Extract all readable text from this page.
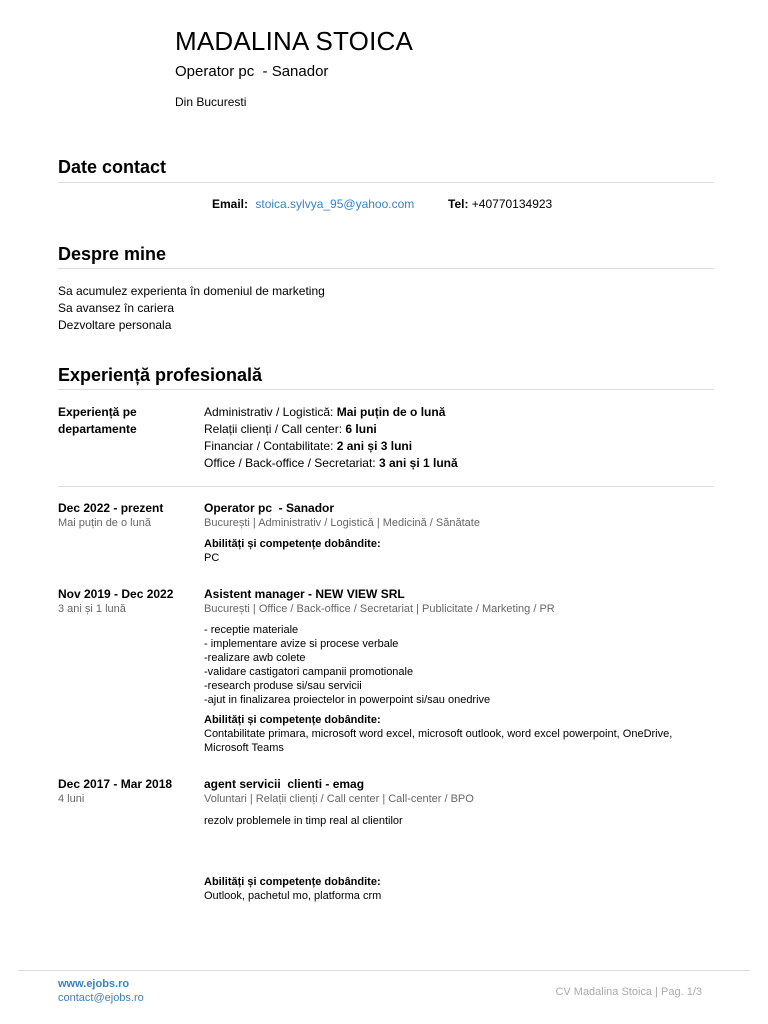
MADALINA STOICA
Operator pc  - Sanador
Din Bucuresti
Date contact
Email: stoica.sylvya_95@yahoo.com	Tel: +40770134923
Despre mine
Sa acumulez experienta în domeniul de marketing
Sa avansez în cariera
Dezvoltare personala
Experiență profesională
Experiență pe
departamente
Administrativ / Logistică: Mai puțin de o lună
Relații clienți / Call center: 6 luni
Financiar / Contabilitate: 2 ani și 3 luni
Office / Back-office / Secretariat: 3 ani și 1 lună
Dec 2022 - prezent
Mai puțin de o lună
Operator pc  - Sanador
București | Administrativ / Logistică | Medicină / Sănătate
Abilități și competențe dobândite:
PC
Nov 2019 - Dec 2022
3 ani și 1 lună
Asistent manager - NEW VIEW SRL
București | Office / Back-office / Secretariat | Publicitate / Marketing / PR
- receptie materiale
- implementare avize si procese verbale
-realizare awb colete
-validare castigatori campanii promotionale
-research produse si/sau servicii
-ajut in finalizarea proiectelor in powerpoint si/sau onedrive
Abilități și competențe dobândite:
Contabilitate primara, microsoft word excel, microsoft outlook, word excel powerpoint, OneDrive, Microsoft Teams
Dec 2017 - Mar 2018
4 luni
agent servicii  clienti - emag
Voluntari | Relații clienți / Call center | Call-center / BPO
rezolv problemele in timp real al clientilor
Abilități și competențe dobândite:
Outlook, pachetul mo, platforma crm
www.ejobs.ro
contact@ejobs.ro	CV Madalina Stoica | Pag. 1/3
